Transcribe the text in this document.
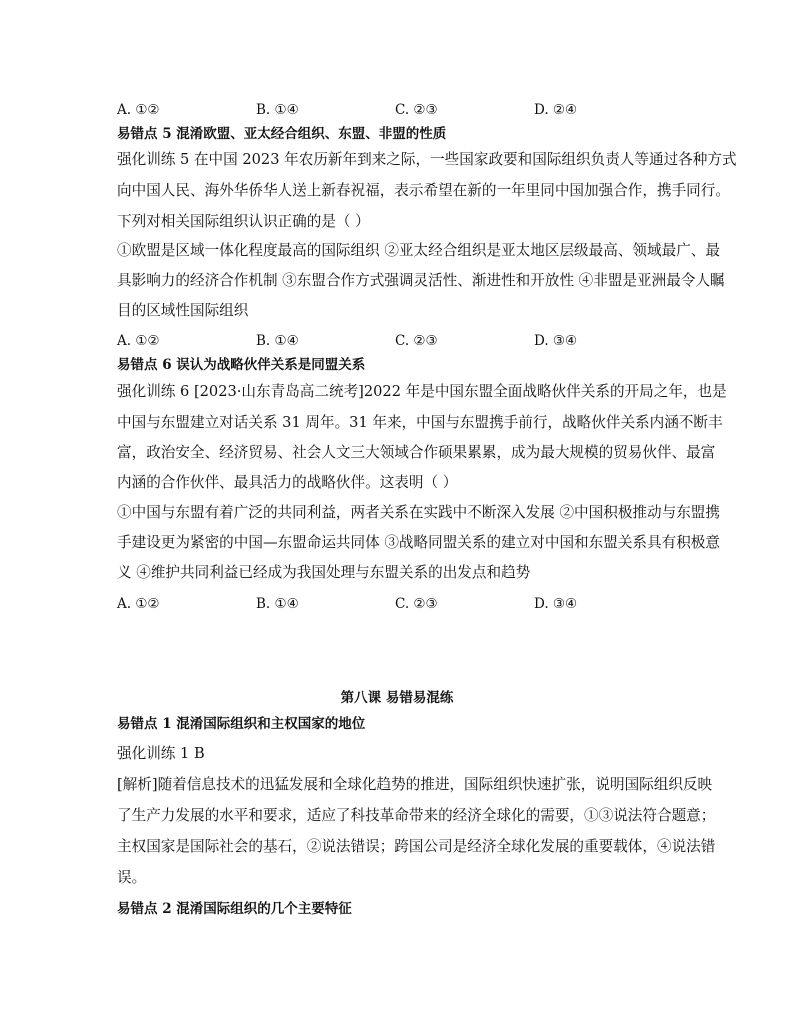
A. ①②	B. ①④	C. ②③	D. ②④
易错点 5 混淆欧盟、亚太经合组织、东盟、非盟的性质
强化训练 5 在中国 2023 年农历新年到来之际，一些国家政要和国际组织负责人等通过各种方式
向中国人民、海外华侨华人送上新春祝福，表示希望在新的一年里同中国加强合作，携手同行。
下列对相关国际组织认识正确的是（ ）
①欧盟是区域一体化程度最高的国际组织 ②亚太经合组织是亚太地区层级最高、领域最广、最
具影响力的经济合作机制 ③东盟合作方式强调灵活性、渐进性和开放性 ④非盟是亚洲最令人瞩
目的区域性国际组织
A. ①②	B. ①④	C. ②③	D. ③④
易错点 6 误认为战略伙伴关系是同盟关系
强化训练 6 [2023·山东青岛高二统考]2022 年是中国东盟全面战略伙伴关系的开局之年，也是
中国与东盟建立对话关系 31 周年。31 年来，中国与东盟携手前行，战略伙伴关系内涵不断丰
富，政治安全、经济贸易、社会人文三大领域合作硕果累累，成为最大规模的贸易伙伴、最富
内涵的合作伙伴、最具活力的战略伙伴。这表明（ ）
①中国与东盟有着广泛的共同利益，两者关系在实践中不断深入发展 ②中国积极推动与东盟携
手建设更为紧密的中国—东盟命运共同体 ③战略同盟关系的建立对中国和东盟关系具有积极意
义 ④维护共同利益已经成为我国处理与东盟关系的出发点和趋势
A. ①②	B. ①④	C. ②③	D. ③④
第八课 易错易混练
易错点 1 混淆国际组织和主权国家的地位
强化训练 1 B
[解析]随着信息技术的迅猛发展和全球化趋势的推进，国际组织快速扩张，说明国际组织反映
了生产力发展的水平和要求，适应了科技革命带来的经济全球化的需要，①③说法符合题意；
主权国家是国际社会的基石，②说法错误；跨国公司是经济全球化发展的重要载体，④说法错
误。
易错点 2 混淆国际组织的几个主要特征
